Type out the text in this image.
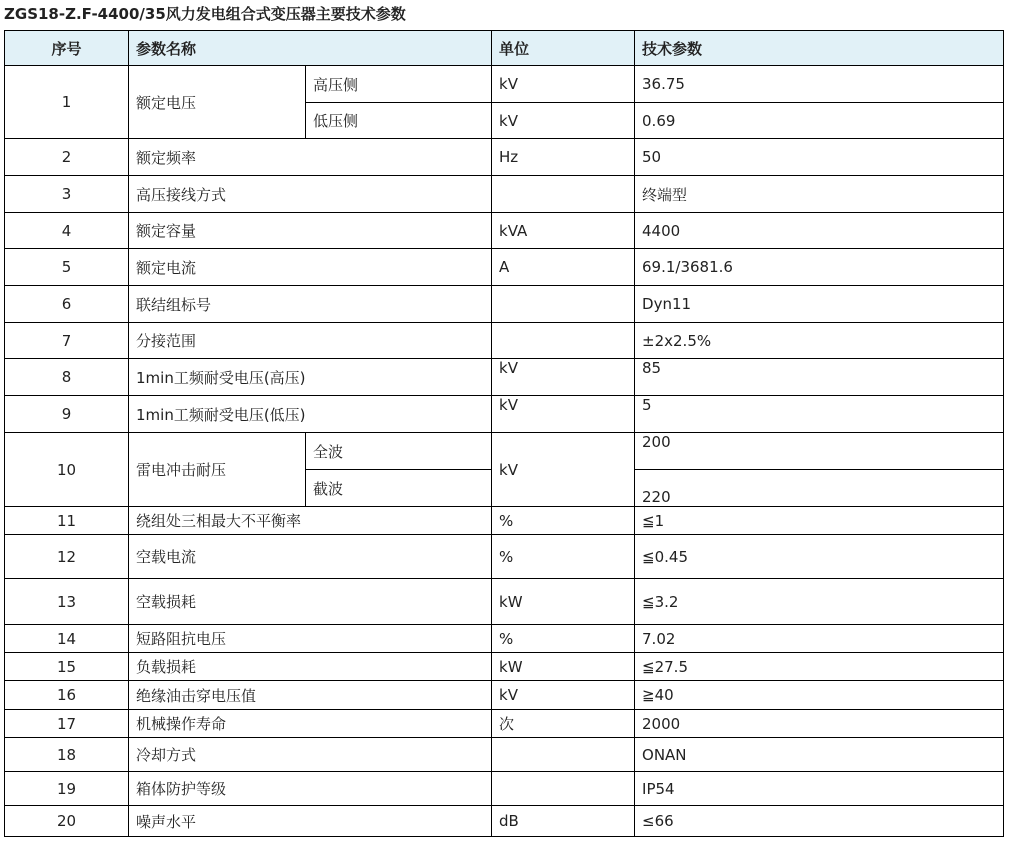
ZGS18-Z.F-4400/35风力发电组合式变压器主要技术参数
序号	参数名称		单位	技术参数
1	额定电压	高压侧	kV	36.75
		低压侧	kV	0.69
2	额定频率		Hz	50
3	高压接线方式			终端型
4	额定容量		kVA	4400
5	额定电流		A	69.1/3681.6
6	联结组标号			Dyn11
7	分接范围			±2x2.5%
8	1min工频耐受电压(高压)		kV	85
9	1min工频耐受电压(低压)		kV	5
10	雷电冲击耐压	全波	kV	200
		截波		220
11	绕组处三相最大不平衡率		%	≦1
12	空载电流		%	≦0.45
13	空载损耗		kW	≦3.2
14	短路阻抗电压		%	7.02
15	负载损耗		kW	≦27.5
16	绝缘油击穿电压值		kV	≧40
17	机械操作寿命		次	2000
18	冷却方式			ONAN
19	箱体防护等级			IP54
20	噪声水平		dB	≤66
